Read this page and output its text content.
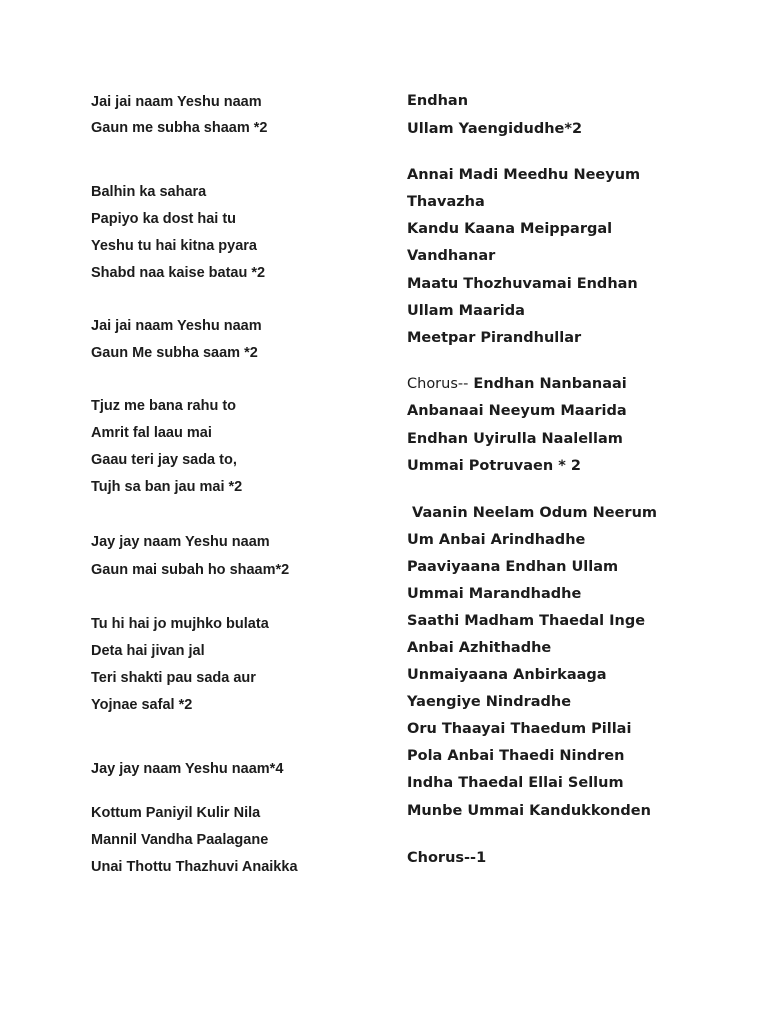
Jai jai naam Yeshu naam
Gaun me subha shaam *2
Balhin ka sahara
Papiyo ka dost hai tu
Yeshu tu hai kitna pyara
Shabd naa kaise batau *2
Jai jai naam Yeshu naam
Gaun Me subha saam *2
Tjuz me bana rahu to
Amrit fal laau mai
Gaau teri jay sada to,
Tujh sa ban jau mai *2
Jay jay naam Yeshu naam
Gaun mai subah ho shaam*2
Tu hi hai jo mujhko bulata
Deta hai jivan jal
Teri shakti pau sada aur
Yojnae safal *2
Jay jay naam Yeshu naam*4
Kottum Paniyil Kulir Nila
Mannil Vandha Paalagane
Unai Thottu Thazhuvi Anaikka
Endhan
Ullam Yaengidudhe*2
Annai Madi Meedhu Neeyum
Thavazha
Kandu Kaana Meippargal
Vandhanar
Maatu Thozhuvamai Endhan
Ullam Maarida
Meetpar Pirandhullar
Chorus-- Endhan Nanbanaai
Anbanaai Neeyum Maarida
Endhan Uyirulla Naalellam
Ummai Potruvaen * 2
Vaanin Neelam Odum Neerum
Um Anbai Arindhadhe
Paaviyaana Endhan Ullam
Ummai Marandhadhe
Saathi Madham Thaedal Inge
Anbai Azhithadhe
Unmaiyaana Anbirkaaga
Yaengiye Nindradhe
Oru Thaayai Thaedum Pillai
Pola Anbai Thaedi Nindren
Indha Thaedal Ellai Sellum
Munbe Ummai Kandukkonden
Chorus--1
